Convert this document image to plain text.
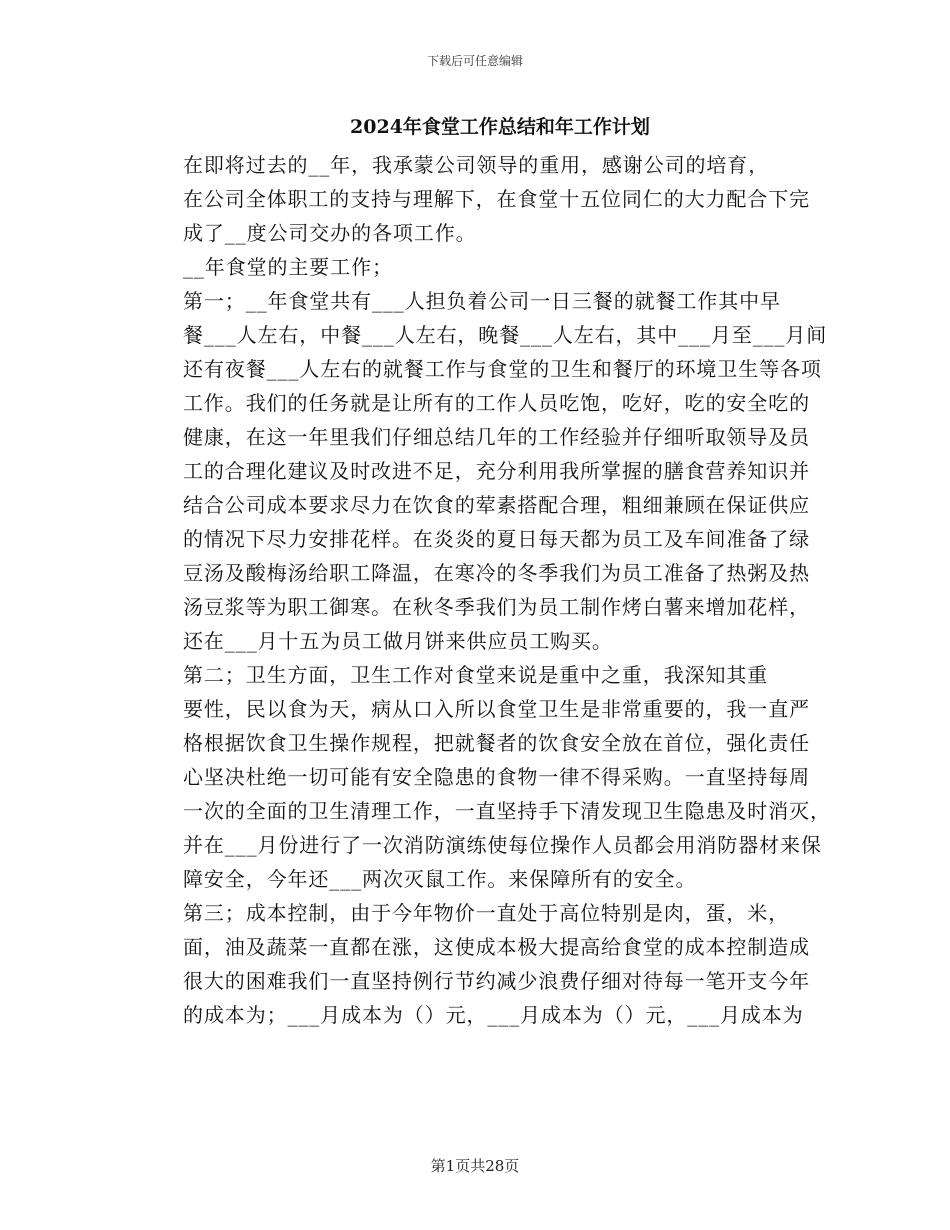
下载后可任意编辑
2024年食堂工作总结和年工作计划

在即将过去的__年，我承蒙公司领导的重用，感谢公司的培育，
在公司全体职工的支持与理解下，在食堂十五位同仁的大力配合下完
成了__度公司交办的各项工作。

__年食堂的主要工作；

第一；__年食堂共有___人担负着公司一日三餐的就餐工作其中早
餐___人左右，中餐___人左右，晚餐___人左右，其中___月至___月间
还有夜餐___人左右的就餐工作与食堂的卫生和餐厅的环境卫生等各项
工作。我们的任务就是让所有的工作人员吃饱，吃好，吃的安全吃的
健康，在这一年里我们仔细总结几年的工作经验并仔细听取领导及员
工的合理化建议及时改进不足，充分利用我所掌握的膳食营养知识并
结合公司成本要求尽力在饮食的荤素搭配合理，粗细兼顾在保证供应
的情况下尽力安排花样。在炎炎的夏日每天都为员工及车间准备了绿
豆汤及酸梅汤给职工降温，在寒冷的冬季我们为员工准备了热粥及热
汤豆浆等为职工御寒。在秋冬季我们为员工制作烤白薯来增加花样，
还在___月十五为员工做月饼来供应员工购买。

第二；卫生方面，卫生工作对食堂来说是重中之重，我深知其重
要性，民以食为天，病从口入所以食堂卫生是非常重要的，我一直严
格根据饮食卫生操作规程，把就餐者的饮食安全放在首位，强化责任
心坚决杜绝一切可能有安全隐患的食物一律不得采购。一直坚持每周
一次的全面的卫生清理工作，一直坚持手下清发现卫生隐患及时消灭，
并在___月份进行了一次消防演练使每位操作人员都会用消防器材来保
障安全，今年还___两次灭鼠工作。来保障所有的安全。

第三；成本控制，由于今年物价一直处于高位特别是肉，蛋，米，
面，油及蔬菜一直都在涨，这使成本极大提高给食堂的成本控制造成
很大的困难我们一直坚持例行节约减少浪费仔细对待每一笔开支今年
的成本为；___月成本为（）元，___月成本为（）元，___月成本为

第1页共28页
